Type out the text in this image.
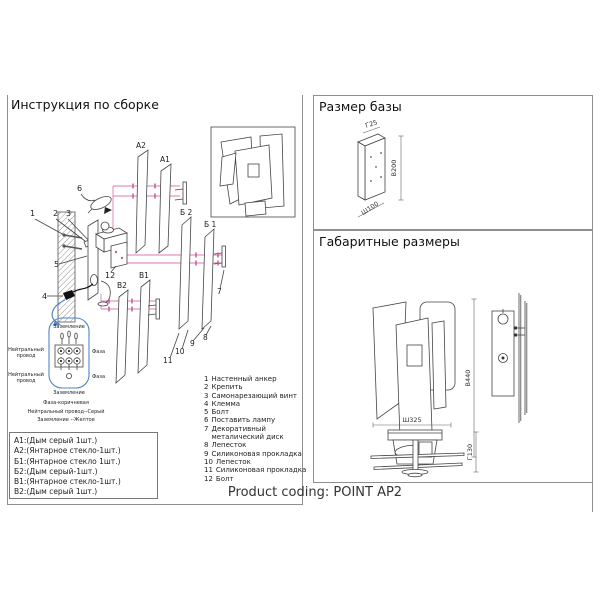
Инструкция по сборке
1 2 3
6
5
4
12
A2
A1
Б 2
Б 1
В1
В2
7
8
9
10
11
Заземление
Нейтральный
провод
Фаза
Нейтральный
провод
Фаза
Заземление
Фаза-коричневая
Нейтральный провод--Серый
Заземление --Желтое
A1:(Дым серый 1шт.)
A2:(Янтарное стекло-1шт.)
Б1:(Янтарное стекло 1шт.)
Б2:(Дым серый-1шт.)
В1:(Янтарное стекло-1шт.)
В2:(Дым серый 1шт.)
1 Настенный анкер
2 Крепить
3 Самонарезающий винт
4 Клемма
5 Болт
6 Поставить лампу
7 Декоративный металический диск
8 Лепесток
9 Силиконовая прокладка
10 Лепесток
11 Силиконовая прокладка
12 Болт
Размер базы
Г25
В200
Ш100
Габаритные размеры
В440
Ш325
Г130
Product coding: POINT AP2
